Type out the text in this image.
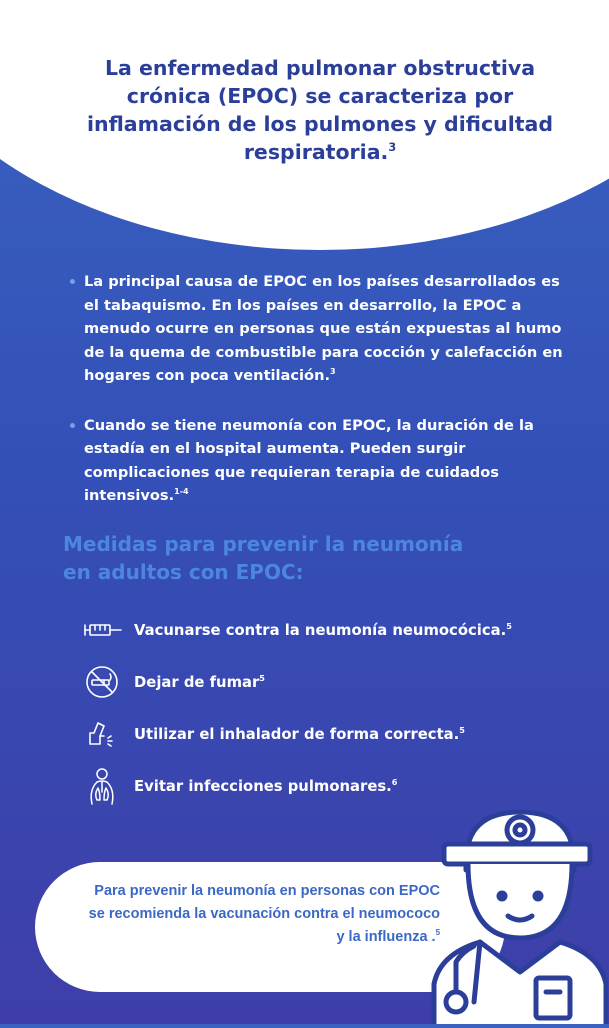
La enfermedad pulmonar obstructiva crónica (EPOC) se caracteriza por inflamación de los pulmones y dificultad respiratoria.$^3$
La principal causa de EPOC en los países desarrollados es el tabaquismo. En los países en desarrollo, la EPOC a menudo ocurre en personas que están expuestas al humo de la quema de combustible para cocción y calefacción en hogares con poca ventilación.$^3$
Cuando se tiene neumonía con EPOC, la duración de la estadía en el hospital aumenta. Pueden surgir complicaciones que requieran terapia de cuidados intensivos.$^{1-4}$
Medidas para prevenir la neumonía en adultos con EPOC:
Vacunarse contra la neumonía neumocócica.$^5$
Dejar de fumar$^5$
Utilizar el inhalador de forma correcta.$^5$
Evitar infecciones pulmonares.$^6$
Para prevenir la neumonía en personas con EPOC se recomienda la vacunación contra el neumococo y la influenza .$^5$
